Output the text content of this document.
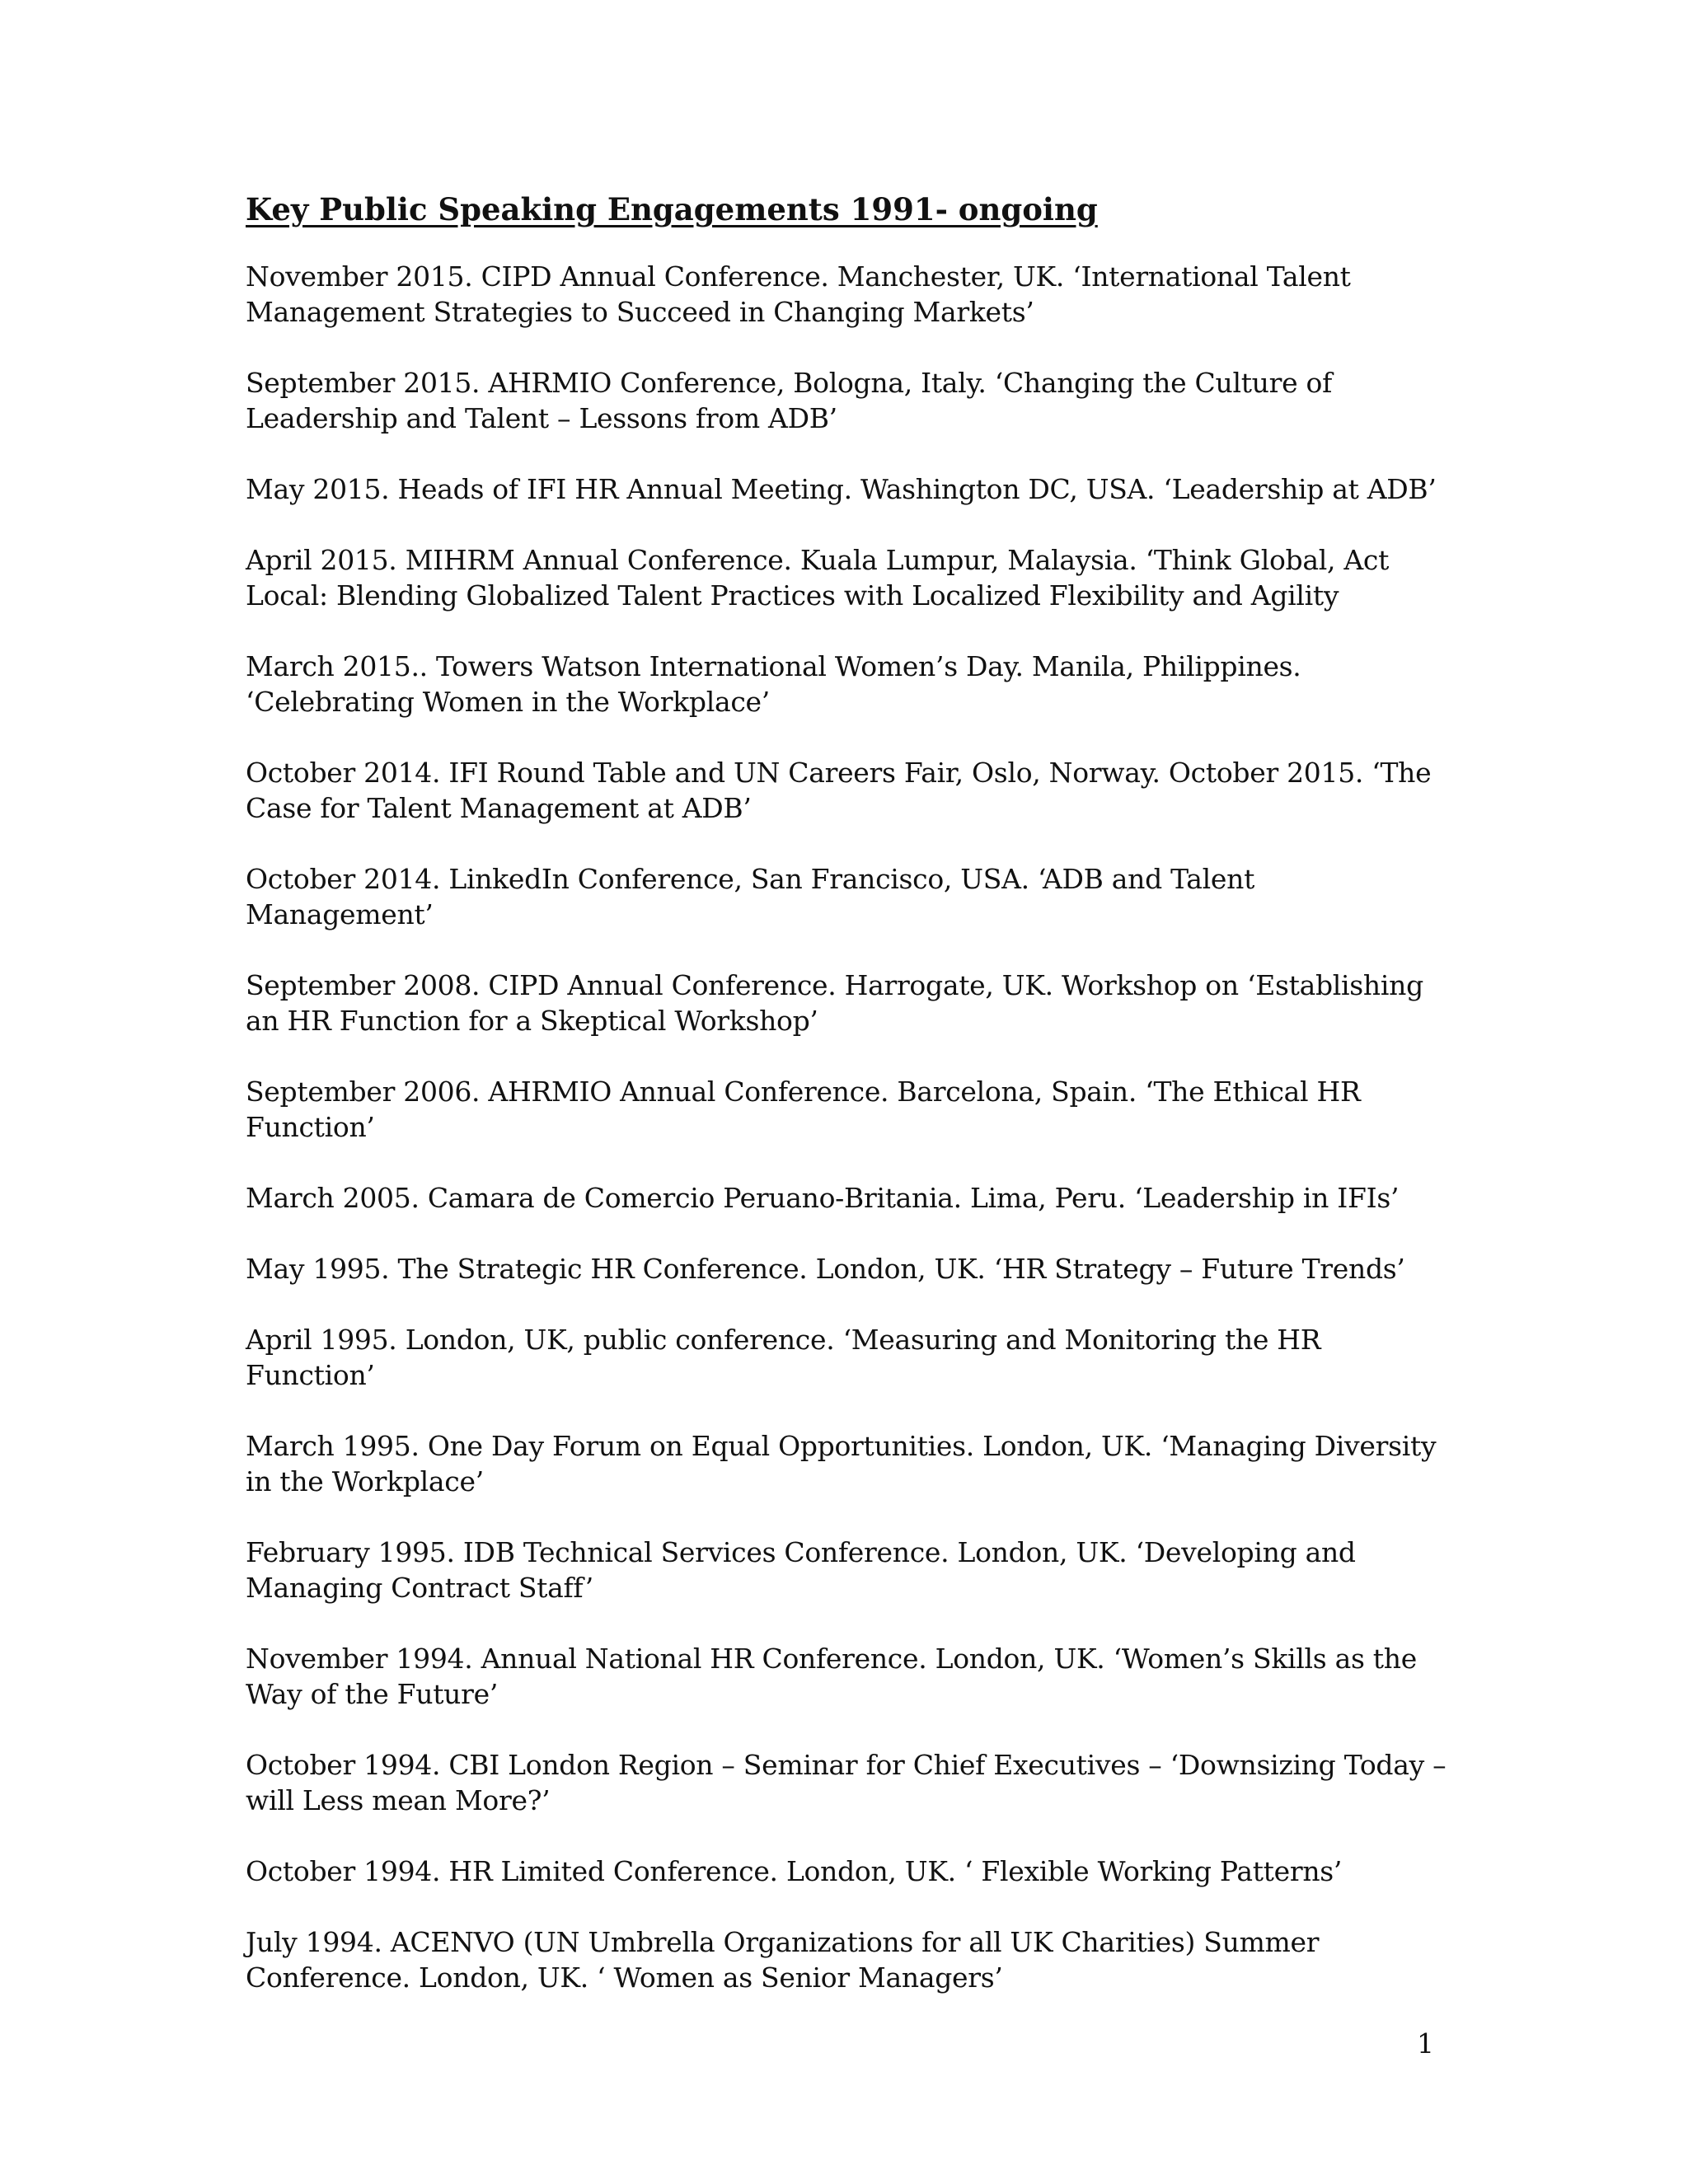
Key Public Speaking Engagements 1991- ongoing

November 2015. CIPD Annual Conference. Manchester, UK. ‘International Talent Management Strategies to Succeed in Changing Markets’

September 2015. AHRMIO Conference, Bologna, Italy. ‘Changing the Culture of Leadership and Talent – Lessons from ADB’

May 2015. Heads of IFI HR Annual Meeting. Washington DC, USA. ‘Leadership at ADB’

April 2015. MIHRM Annual Conference. Kuala Lumpur, Malaysia. ‘Think Global, Act Local: Blending Globalized Talent Practices with Localized Flexibility and Agility

March 2015.. Towers Watson International Women’s Day. Manila, Philippines. ‘Celebrating Women in the Workplace’

October 2014. IFI Round Table and UN Careers Fair, Oslo, Norway. October 2015. ‘The Case for Talent Management at ADB’

October 2014. LinkedIn Conference, San Francisco, USA. ‘ADB and Talent Management’

September 2008. CIPD Annual Conference. Harrogate, UK. Workshop on ‘Establishing an HR Function for a Skeptical Workshop’

September 2006. AHRMIO Annual Conference. Barcelona, Spain. ‘The Ethical HR Function’

March 2005. Camara de Comercio Peruano-Britania. Lima, Peru. ‘Leadership in IFIs’

May 1995. The Strategic HR Conference. London, UK. ‘HR Strategy – Future Trends’

April 1995. London, UK, public conference. ‘Measuring and Monitoring the HR Function’

March 1995. One Day Forum on Equal Opportunities. London, UK. ‘Managing Diversity in the Workplace’

February 1995. IDB Technical Services Conference. London, UK. ‘Developing and Managing Contract Staff’

November 1994. Annual National HR Conference. London, UK. ‘Women’s Skills as the Way of the Future’

October 1994. CBI London Region – Seminar for Chief Executives – ‘Downsizing Today – will Less mean More?’

October 1994. HR Limited Conference. London, UK. ‘ Flexible Working Patterns’

July 1994. ACENVO (UN Umbrella Organizations for all UK Charities) Summer Conference. London, UK. ‘ Women as Senior Managers’

1
